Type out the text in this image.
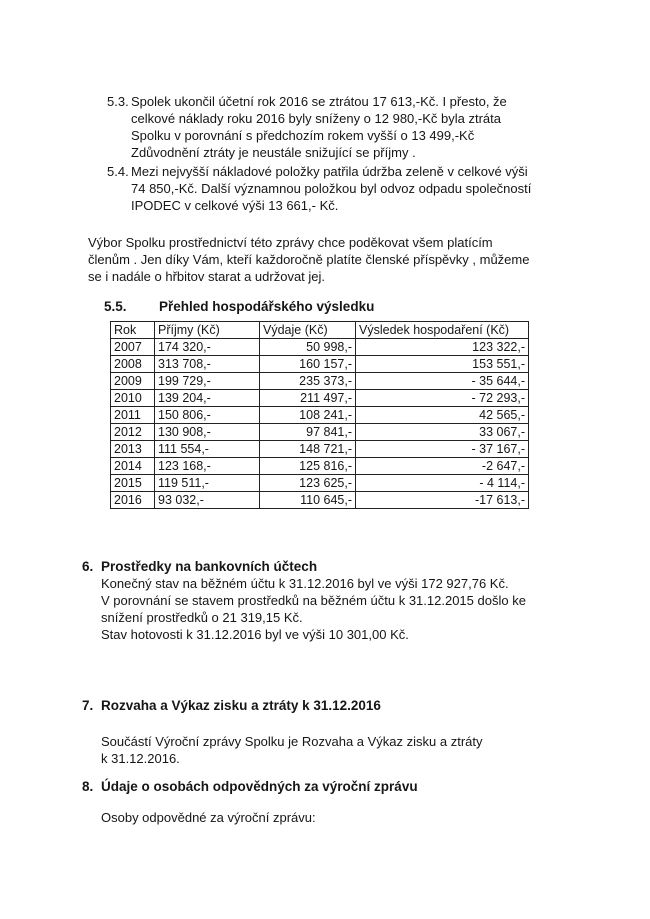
5.3. Spolek ukončil účetní rok 2016 se ztrátou 17 613,-Kč. I přesto, že
celkové náklady roku 2016 byly sníženy o 12 980,-Kč byla ztráta
Spolku v porovnání s předchozím rokem vyšší o 13 499,-Kč
Zdůvodnění ztráty je neustále snižující se příjmy .
5.4. Mezi nejvyšší nákladové položky patřila údržba zeleně v celkové výši
74 850,-Kč. Další významnou položkou byl odvoz odpadu společností
IPODEC v celkové výši 13 661,- Kč.
Výbor Spolku prostřednictví této zprávy chce poděkovat všem platícím
členům . Jen díky Vám, kteří každoročně platíte členské příspěvky , můžeme
se i nadále o hřbitov starat a udržovat jej.
5.5. Přehled hospodářského výsledku
Rok	Příjmy (Kč)	Výdaje (Kč)	Výsledek hospodaření (Kč)
2007	174 320,-	50 998,-	123 322,-
2008	313 708,-	160 157,-	153 551,-
2009	199 729,-	235 373,-	- 35 644,-
2010	139 204,-	211 497,-	- 72 293,-
2011	150 806,-	108 241,-	42 565,-
2012	130 908,-	97 841,-	33 067,-
2013	111 554,-	148 721,-	- 37 167,-
2014	123 168,-	125 816,-	-2 647,-
2015	119 511,-	123 625,-	- 4 114,-
2016	93 032,-	110 645,-	-17 613,-
6. Prostředky na bankovních účtech
Konečný stav na běžném účtu k 31.12.2016 byl ve výši 172 927,76 Kč.
V porovnání se stavem prostředků na běžném účtu k 31.12.2015 došlo ke
snížení prostředků o 21 319,15 Kč.
Stav hotovosti k 31.12.2016 byl ve výši 10 301,00 Kč.
7. Rozvaha a Výkaz zisku a ztráty k 31.12.2016
Součástí Výroční zprávy Spolku je Rozvaha a Výkaz zisku a ztráty
k 31.12.2016.
8. Údaje o osobách odpovědných za výroční zprávu
Osoby odpovědné za výroční zprávu:
